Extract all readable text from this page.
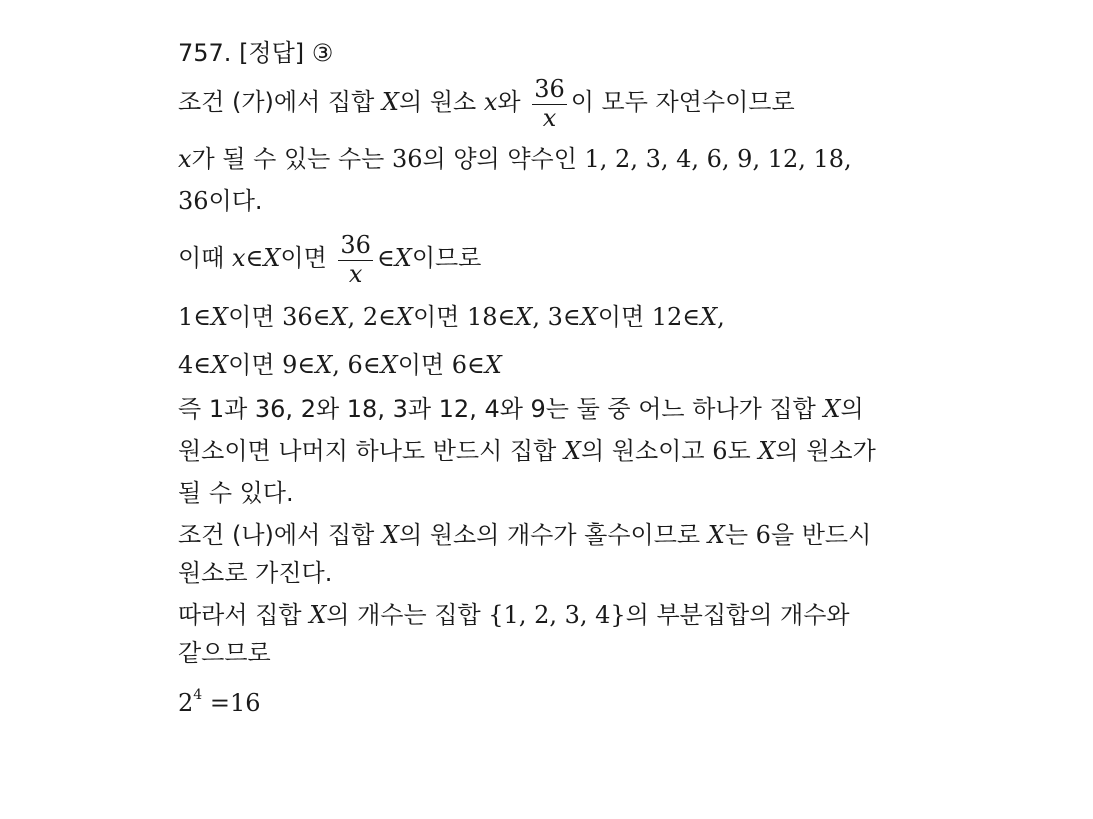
757. [정답] ③

조건 (가)에서 집합 X의 원소 x와 $\frac{36}{x}$ 이 모두 자연수이므로

x가 될 수 있는 수는 36의 양의 약수인 1, 2, 3, 4, 6, 9, 12, 18,

36이다.

이때 x∈X이면 $\frac{36}{x}$ ∈X이므로

1∈X이면 36∈X, 2∈X이면 18∈X, 3∈X이면 12∈X,

4∈X이면 9∈X, 6∈X이면 6∈X

즉 1과 36, 2와 18, 3과 12, 4와 9는 둘 중 어느 하나가 집합 X의

원소이면 나머지 하나도 반드시 집합 X의 원소이고 6도 X의 원소가

될 수 있다.

조건 (나)에서 집합 X의 원소의 개수가 홀수이므로 X는 6을 반드시

원소로 가진다.

따라서 집합 X의 개수는 집합 {1, 2, 3, 4}의 부분집합의 개수와

같으므로

$2^4 =16$
